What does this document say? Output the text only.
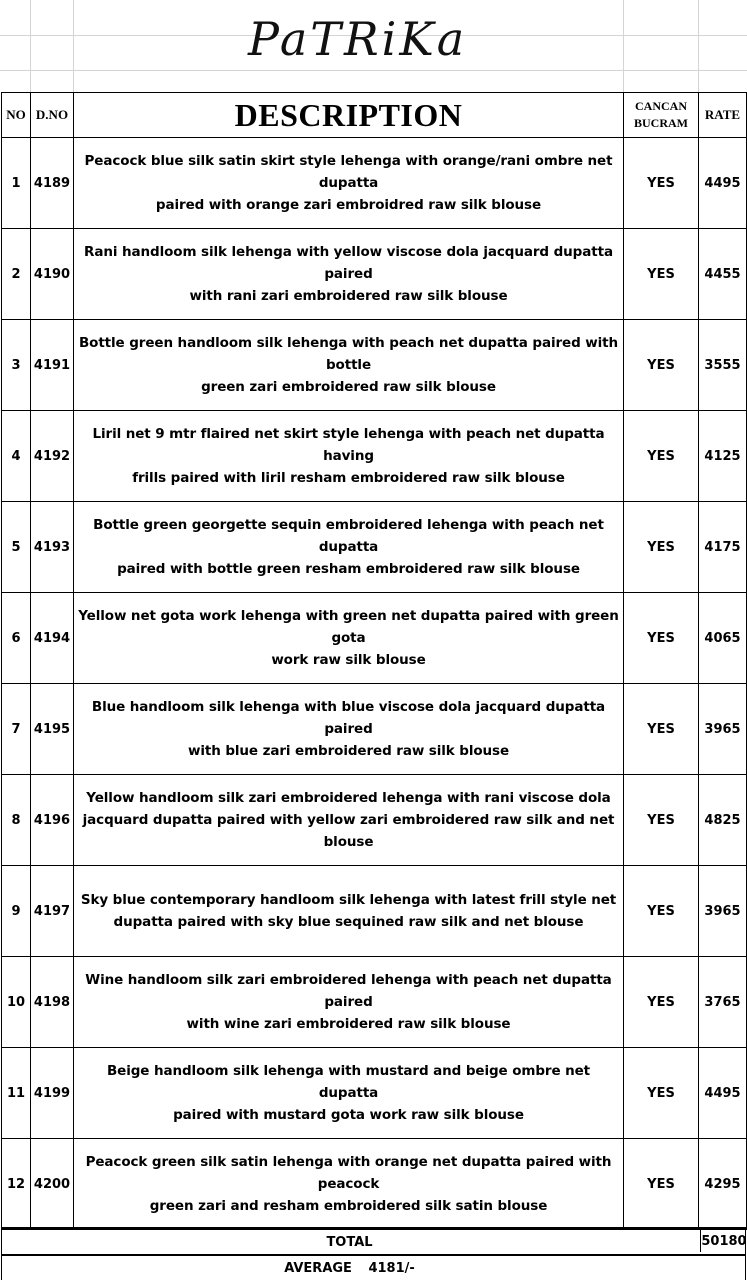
PaTRiKa
NO	D.NO	DESCRIPTION	CANCAN
BUCRAM	RATE
1	4189	Peacock blue silk satin skirt style lehenga with orange/rani ombre net dupatta
paired with orange zari embroidred raw silk blouse	YES	4495
2	4190	Rani handloom silk lehenga with yellow viscose dola jacquard dupatta paired
with rani zari embroidered raw silk blouse	YES	4455
3	4191	Bottle green handloom silk lehenga with peach net dupatta paired with bottle
green zari embroidered raw silk blouse	YES	3555
4	4192	Liril net 9 mtr flaired net skirt style lehenga with peach net dupatta having
frills paired with liril resham embroidered raw silk blouse	YES	4125
5	4193	Bottle green georgette sequin embroidered lehenga with peach net dupatta
paired with bottle green resham embroidered raw silk blouse	YES	4175
6	4194	Yellow net gota work lehenga with green net dupatta paired with green gota
work raw silk blouse	YES	4065
7	4195	Blue handloom silk lehenga with blue viscose dola jacquard dupatta paired
with blue zari embroidered raw silk blouse	YES	3965
8	4196	Yellow handloom silk zari embroidered lehenga with rani viscose dola
jacquard dupatta paired with yellow zari embroidered raw silk and net blouse	YES	4825
9	4197	Sky blue contemporary handloom silk lehenga with latest frill style net
dupatta paired with sky blue sequined raw silk and net blouse	YES	3965
10	4198	Wine handloom silk zari embroidered lehenga with peach net dupatta paired
with wine zari embroidered raw silk blouse	YES	3765
11	4199	Beige handloom silk lehenga with mustard and beige ombre net dupatta
paired with mustard gota work raw silk blouse	YES	4495
12	4200	Peacock green silk satin lehenga with orange net dupatta paired with peacock
green zari and resham embroidered silk satin blouse	YES	4295
TOTAL	50180
AVERAGE 4181/-
